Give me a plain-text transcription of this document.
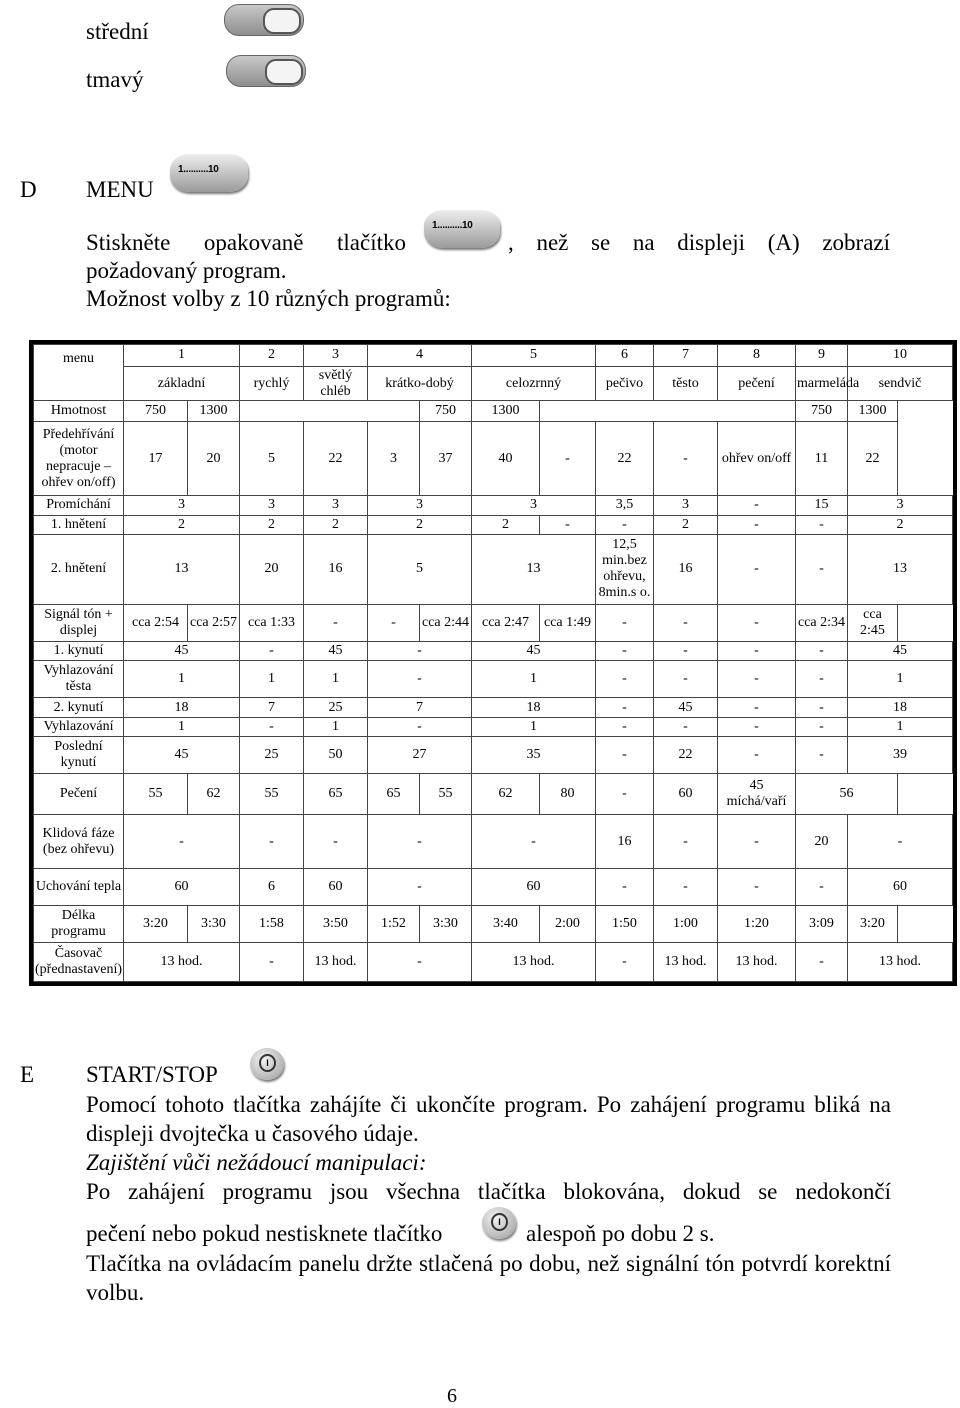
střední
tmavý
D MENU
1..........10
Stiskněte opakovaně tlačítko
1..........10
, než se na displeji (A) zobrazí
požadovaný program.
Možnost volby z 10 různých programů:
menu	1		2	3	4		5		6	7	8	9	10
	základní		rychlý	světlý chléb	krátko-dobý		celozrnný		pečivo	těsto	pečení	marmeláda	sendvič
Hmotnost	750	1300				750	1300					750	1300
Předehřívání (motor nepracuje – ohřev on/off)	17	20	5	22	3	37	40	-	22	-	ohřev on/off	11	22
Promíchání	3		3	3	3		3		3,5	3	-	15	3
1. hnětení	2		2	2	2		2	-	-	2	-	-	2
2. hnětení	13		20	16	5		13		12,5 min.bez ohřevu, 8min.s o.	16	-	-	13
Signál tón + displej	cca 2:54	cca 2:57	cca 1:33	-	-	cca 2:44	cca 2:47	cca 1:49	-	-	-	cca 2:34	cca 2:45
1. kynutí	45		-	45	-		45		-	-	-	-	45
Vyhlazování těsta	1		1	1	-		1		-	-	-	-	1
2. kynutí	18		7	25	7		18		-	45	-	-	18
Vyhlazování	1		-	1	-		1		-	-	-	-	1
Poslední kynutí	45		25	50	27		35		-	22	-	-	39
Pečení	55	62	55	65	65	55	62	80	-	60	45 míchá/vaří	56	
Klidová fáze (bez ohřevu)	-		-	-	-		-		16	-	-	20	-
Uchování tepla	60		6	60	-		60		-	-	-	-	60
Délka programu	3:20	3:30	1:58	3:50	1:52	3:30	3:40	2:00	1:50	1:00	1:20	3:09	3:20
Časovač (přednastavení)	13 hod.		-	13 hod.	-		13 hod.		-	13 hod.	13 hod.	-	13 hod.
E START/STOP	I
Pomocí tohoto tlačítka zahájíte či ukončíte program. Po zahájení programu bliká na displeji dvojtečka u časového údaje.
Zajištění vůči nežádoucí manipulaci:
Po zahájení programu jsou všechna tlačítka blokována, dokud se nedokončí
pečení nebo pokud nestisknete tlačítko	I	alespoň po dobu 2 s.
Tlačítka na ovládacím panelu držte stlačená po dobu, než signální tón potvrdí korektní volbu.
6
